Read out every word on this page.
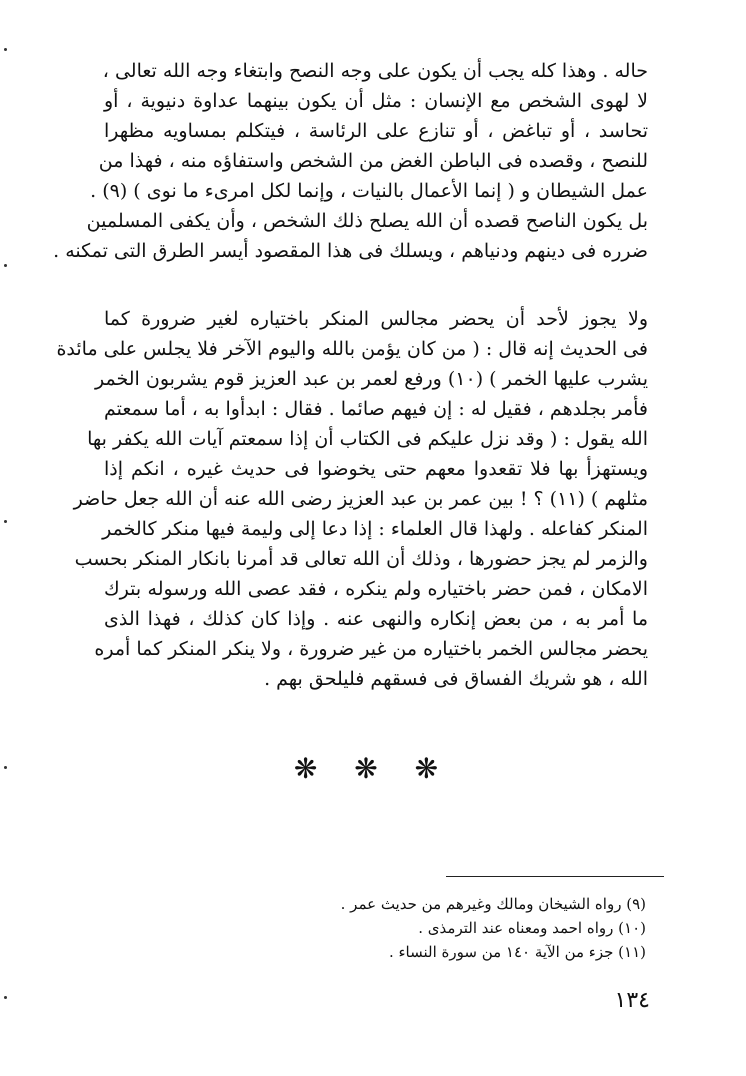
حاله . وهذا كله يجب أن يكون على وجه النصح وابتغاء وجه الله تعالى ،
لا لهوى الشخص مع الإنسان : مثل أن يكون بينهما عداوة دنيوية ، أو
تحاسد ، أو تباغض ، أو تنازع على الرئاسة ، فيتكلم بمساويه مظهرا
للنصح ، وقصده فى الباطن الغض من الشخص واستفاؤه منه ، فهذا من
عمل الشيطان و ( إنما الأعمال بالنيات ، وإنما لكل امرىء ما نوى ) (٩) .
بل يكون الناصح قصده أن الله يصلح ذلك الشخص ، وأن يكفى المسلمين
ضرره فى دينهم ودنياهم ، ويسلك فى هذا المقصود أيسر الطرق التى تمكنه .
ولا يجوز لأحد أن يحضر مجالس المنكر باختياره لغير ضرورة كما
فى الحديث إنه قال : ( من كان يؤمن بالله واليوم الآخر فلا يجلس على مائدة
يشرب عليها الخمر ) (١٠) ورفع لعمر بن عبد العزيز قوم يشربون الخمر
فأمر بجلدهم ، فقيل له : إن فيهم صائما . فقال : ابدأوا به ، أما سمعتم
الله يقول : ( وقد نزل عليكم فى الكتاب أن إذا سمعتم آيات الله يكفر بها
ويستهزأ بها فلا تقعدوا معهم حتى يخوضوا فى حديث غيره ، انكم إذا
مثلهم ) (١١) ؟ ! بين عمر بن عبد العزيز رضى الله عنه أن الله جعل حاضر
المنكر كفاعله . ولهذا قال العلماء : إذا دعا إلى وليمة فيها منكر كالخمر
والزمر لم يجز حضورها ، وذلك أن الله تعالى قد أمرنا بانكار المنكر بحسب
الامكان ، فمن حضر باختياره ولم ينكره ، فقد عصى الله ورسوله بترك
ما أمر به ، من بعض إنكاره والنهى عنه . وإذا كان كذلك ، فهذا الذى
يحضر مجالس الخمر باختياره من غير ضرورة ، ولا ينكر المنكر كما أمره
الله ، هو شريك الفساق فى فسقهم فليلحق بهم .
❋ ❋ ❋
(٩) رواه الشيخان ومالك وغيرهم من حديث عمر .
(١٠) رواه احمد ومعناه عند الترمذى .
(١١) جزء من الآية ١٤٠ من سورة النساء .
١٣٤
